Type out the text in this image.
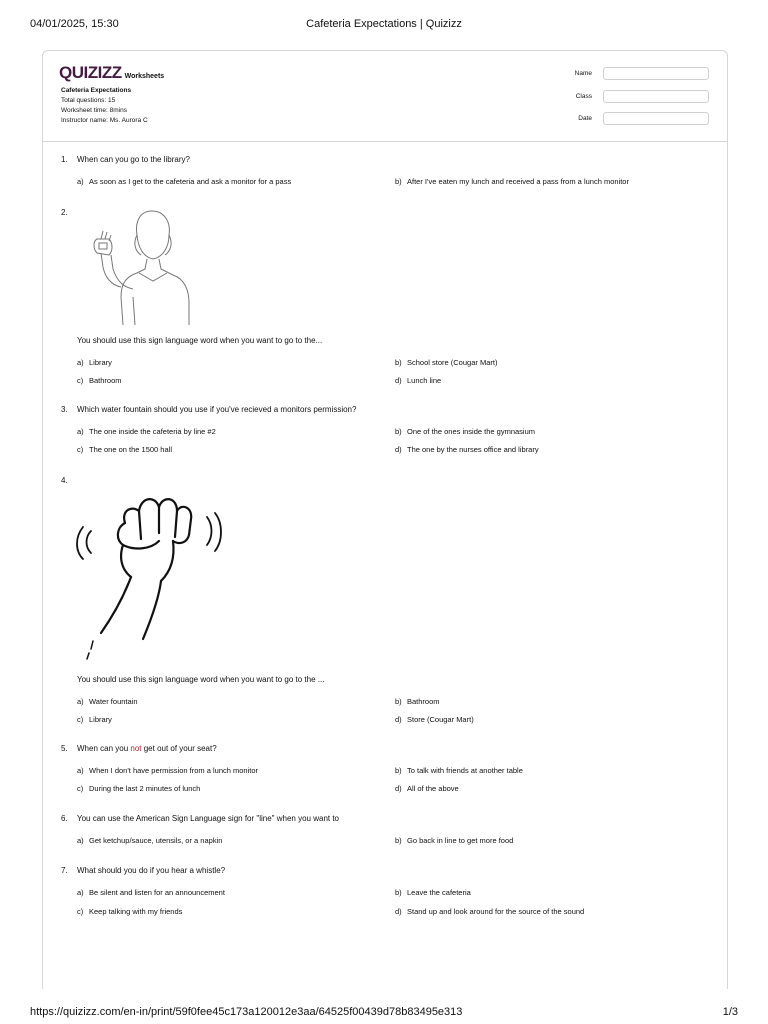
04/01/2025, 15:30	Cafeteria Expectations | Quizizz
QUIZIZZ Worksheets
Cafeteria Expectations
Total questions: 15
Worksheet time: 8mins
Instructor name: Ms. Aurora C
Name
Class
Date
1.	When can you go to the library?
a) As soon as I get to the cafeteria and ask a monitor for a pass	b) After I've eaten my lunch and received a pass from a lunch monitor
2.
You should use this sign language word when you want to go to the...
a) Library	b) School store (Cougar Mart)
c) Bathroom	d) Lunch line
3.	Which water fountain should you use if you've recieved a monitors permission?
a) The one inside the cafeteria by line #2	b) One of the ones inside the gymnasium
c) The one on the 1500 hall	d) The one by the nurses office and library
4.
You should use this sign language word when you want to go to the ...
a) Water fountain	b) Bathroom
c) Library	d) Store (Cougar Mart)
5.	When can you not get out of your seat?
a) When I don't have permission from a lunch monitor	b) To talk with friends at another table
c) During the last 2 minutes of lunch	d) All of the above
6.	You can use the American Sign Language sign for "line" when you want to
a) Get ketchup/sauce, utensils, or a napkin	b) Go back in line to get more food
7.	What should you do if you hear a whistle?
a) Be silent and listen for an announcement	b) Leave the cafeteria
c) Keep talking with my friends	d) Stand up and look around for the source of the sound
https://quizizz.com/en-in/print/59f0fee45c173a120012e3aa/64525f00439d78b83495e313	1/3
